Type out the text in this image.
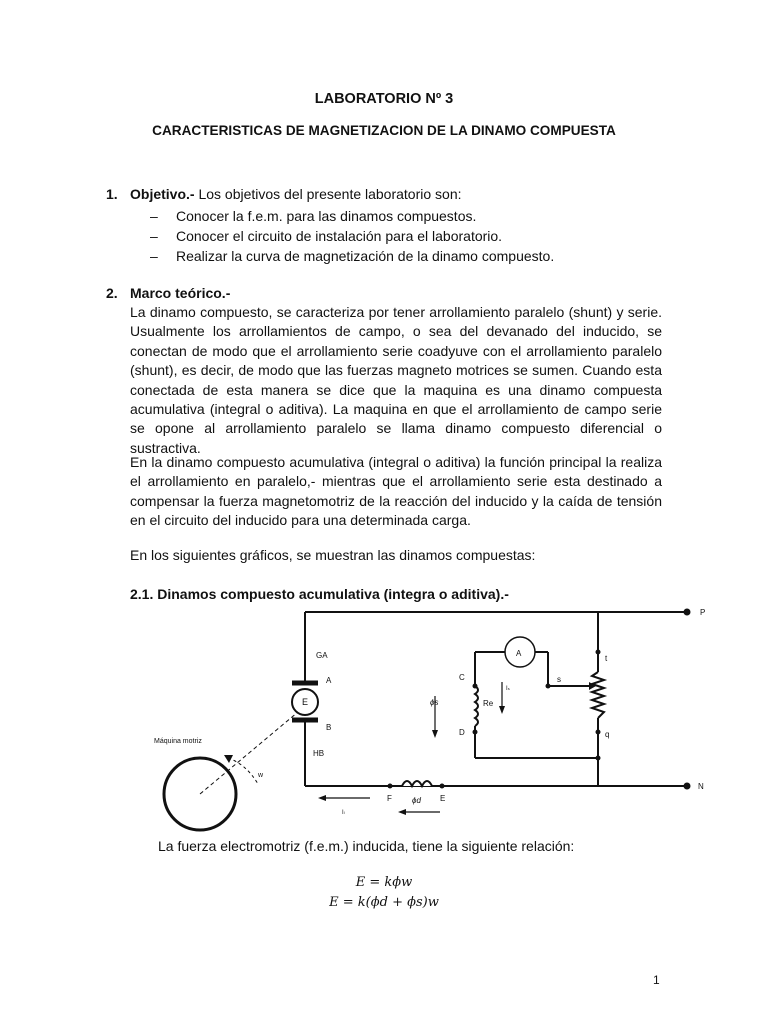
LABORATORIO Nº 3
CARACTERISTICAS DE MAGNETIZACION DE LA DINAMO COMPUESTA
1. Objetivo.- Los objetivos del presente laboratorio son:
– Conocer la f.e.m. para las dinamos compuestos.
– Conocer el circuito de instalación para el laboratorio.
– Realizar la curva de magnetización de la dinamo compuesto.
2. Marco teórico.-
La dinamo compuesto, se caracteriza por tener arrollamiento paralelo (shunt) y serie. Usualmente los arrollamientos de campo, o sea del devanado del inducido, se conectan de modo que el arrollamiento serie coadyuve con el arrollamiento paralelo (shunt), es decir, de modo que las fuerzas magneto motrices se sumen. Cuando esta conectada de esta manera se dice que la maquina es una dinamo compuesta acumulativa (integral o aditiva). La maquina en que el arrollamiento de campo serie se opone al arrollamiento paralelo se llama dinamo compuesto diferencial o sustractiva.
En la dinamo compuesto acumulativa (integral o aditiva) la función principal la realiza el arrollamiento en paralelo,- mientras que el arrollamiento serie esta destinado a compensar la fuerza magnetomotriz de la reacción del inducido y la caída de tensión en el circuito del inducido para una determinada carga.
En los siguientes gráficos, se muestran las dinamos compuestas:
2.1. Dinamos compuesto acumulativa (integra o aditiva).-
P
N
GA
A
E
B
HB
A
C
D
Re
s
t
q
F	E
ϕs
ϕd
Iₛ
Iₗ
Máquina motriz
w
La fuerza electromotriz (f.e.m.) inducida, tiene la siguiente relación:
E = kϕw
E = k(ϕd + ϕs)w
1
